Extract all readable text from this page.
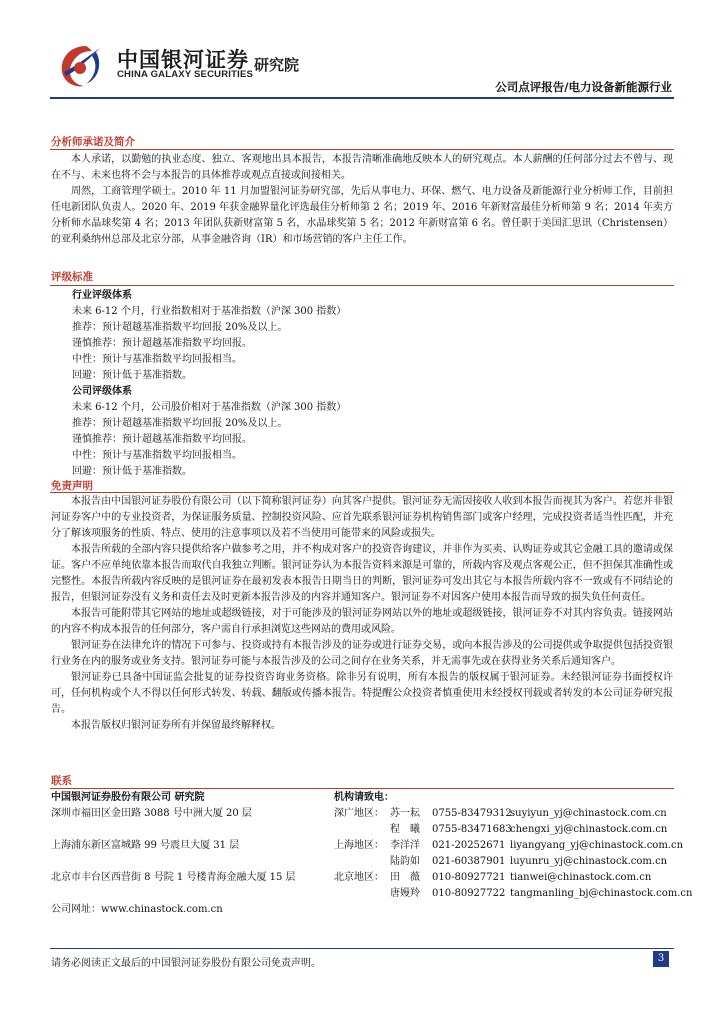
中国银河证券
CHINA GALAXY SECURITIES
研究院
公司点评报告/电力设备新能源行业
分析师承诺及简介

本人承诺，以勤勉的执业态度、独立、客观地出具本报告，本报告清晰准确地反映本人的研究观点。本人薪酬的任何部分过去不曾与、现在不与、未来也将不会与本报告的具体推荐或观点直接或间接相关。

周然，工商管理学硕士。2010 年 11 月加盟银河证券研究部，先后从事电力、环保、燃气、电力设备及新能源行业分析师工作，目前担任电新团队负责人。2020 年、2019 年获金融界量化评选最佳分析师第 2 名；2019 年、2016 年新财富最佳分析师第 9 名；2014 年卖方分析师水晶球奖第 4 名；2013 年团队获新财富第 5 名，水晶球奖第 5 名；2012 年新财富第 6 名。曾任职于美国汇思讯（Christensen）的亚利桑纳州总部及北京分部，从事金融咨询（IR）和市场营销的客户主任工作。

评级标准
行业评级体系
未来 6-12 个月，行业指数相对于基准指数（沪深 300 指数）
推荐：预计超越基准指数平均回报 20%及以上。
谨慎推荐：预计超越基准指数平均回报。
中性：预计与基准指数平均回报相当。
回避：预计低于基准指数。
公司评级体系
未来 6-12 个月，公司股价相对于基准指数（沪深 300 指数）
推荐：预计超越基准指数平均回报 20%及以上。
谨慎推荐：预计超越基准指数平均回报。
中性：预计与基准指数平均回报相当。
回避：预计低于基准指数。
免责声明

本报告由中国银河证券股份有限公司（以下简称银河证券）向其客户提供。银河证券无需因接收人收到本报告而视其为客户。若您并非银河证券客户中的专业投资者，为保证服务质量、控制投资风险、应首先联系银河证券机构销售部门或客户经理，完成投资者适当性匹配，并充分了解该项服务的性质、特点、使用的注意事项以及若不当使用可能带来的风险或损失。

本报告所载的全部内容只提供给客户做参考之用，并不构成对客户的投资咨询建议，并非作为买卖、认购证券或其它金融工具的邀请或保证。客户不应单纯依靠本报告而取代自我独立判断。银河证券认为本报告资料来源是可靠的，所载内容及观点客观公正，但不担保其准确性或完整性。本报告所载内容反映的是银河证券在最初发表本报告日期当日的判断，银河证券可发出其它与本报告所载内容不一致或有不同结论的报告，但银河证券没有义务和责任去及时更新本报告涉及的内容并通知客户。银河证券不对因客户使用本报告而导致的损失负任何责任。

本报告可能附带其它网站的地址或超级链接，对于可能涉及的银河证券网站以外的地址或超级链接，银河证券不对其内容负责。链接网站的内容不构成本报告的任何部分，客户需自行承担浏览这些网站的费用或风险。

银河证券在法律允许的情况下可参与、投资或持有本报告涉及的证券或进行证券交易，或向本报告涉及的公司提供或争取提供包括投资银行业务在内的服务或业务支持。银河证券可能与本报告涉及的公司之间存在业务关系，并无需事先或在获得业务关系后通知客户。

银河证券已具备中国证监会批复的证券投资咨询业务资格。除非另有说明，所有本报告的版权属于银河证券。未经银河证券书面授权许可，任何机构或个人不得以任何形式转发、转载、翻版或传播本报告。特提醒公众投资者慎重使用未经授权刊载或者转发的本公司证券研究报告。

本报告版权归银河证券所有并保留最终解释权。

联系
中国银河证券股份有限公司 研究院
深圳市福田区金田路 3088 号中洲大厦 20 层
上海浦东新区富城路 99 号震旦大厦 31 层
北京市丰台区西营街 8 号院 1 号楼青海金融大厦 15 层
公司网址：www.chinastock.com.cn
机构请致电：
深广地区： 苏一耘 0755-83479312
suyiyun_yj@chinastock.com.cn
程　曦 0755-83471683
chengxi_yj@chinastock.com.cn
上海地区： 李洋洋 021-20252671 liyangyang_yj@chinastock.com.cn
陆韵如 021-60387901 luyunru_yj@chinastock.com.cn
北京地区： 田　薇 010-80927721 tianwei@chinastock.com.cn
唐嫚羚 010-80927722 tangmanling_bj@chinastock.com.cn
请务必阅读正文最后的中国银河证券股份有限公司免责声明。	3
